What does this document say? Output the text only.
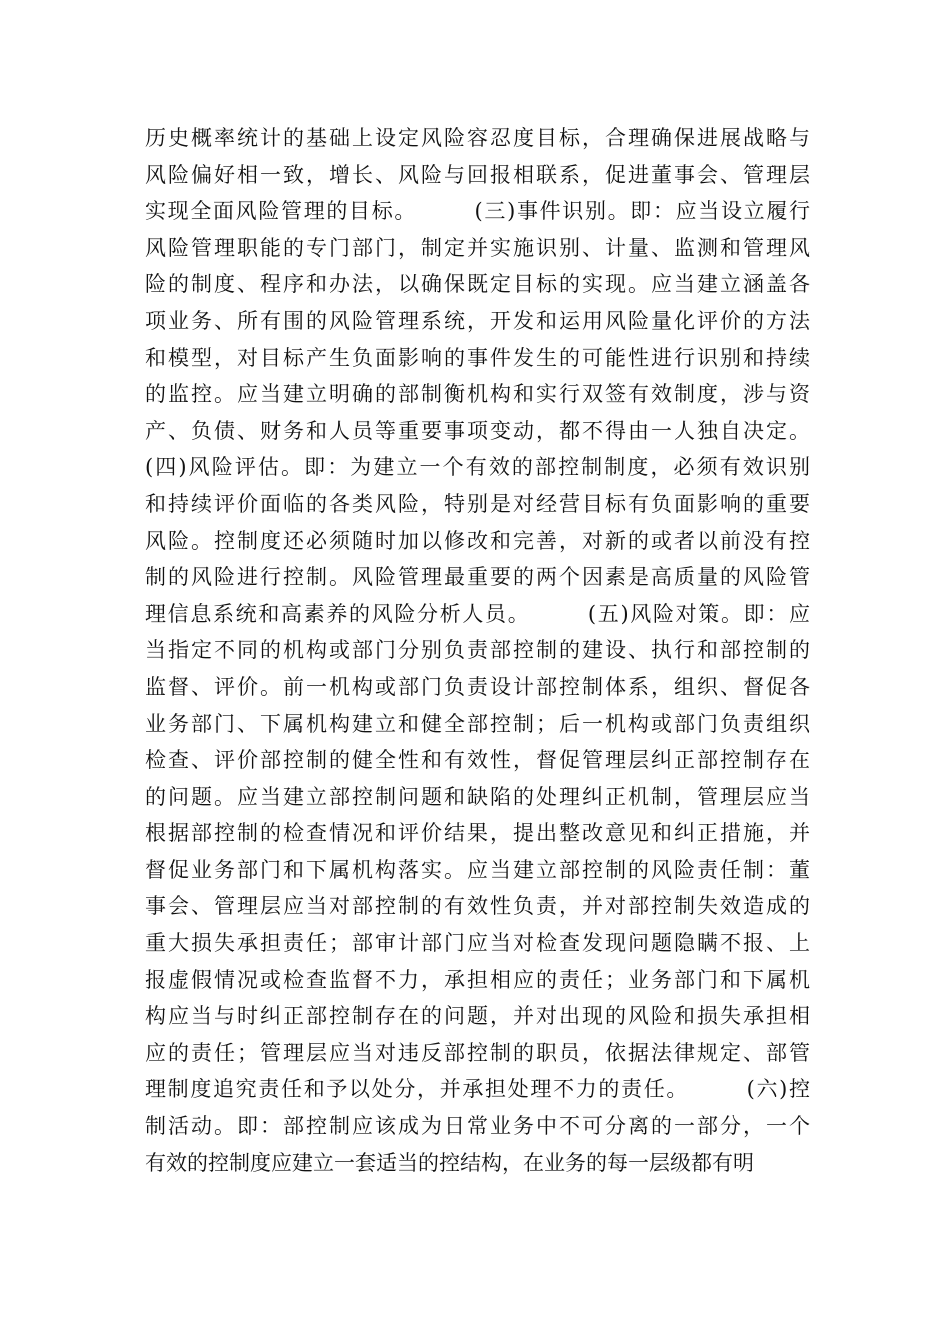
历史概率统计的基础上设定风险容忍度目标，合理确保进展战略与
风险偏好相一致，增长、风险与回报相联系，促进董事会、管理层
实现全面风险管理的目标。　　　(三)事件识别。即：应当设立履行
风险管理职能的专门部门，制定并实施识别、计量、监测和管理风
险的制度、程序和办法，以确保既定目标的实现。应当建立涵盖各
项业务、所有围的风险管理系统，开发和运用风险量化评价的方法
和模型，对目标产生负面影响的事件发生的可能性进行识别和持续
的监控。应当建立明确的部制衡机构和实行双签有效制度，涉与资
产、负债、财务和人员等重要事项变动，都不得由一人独自决定。
(四)风险评估。即：为建立一个有效的部控制制度，必须有效识别
和持续评价面临的各类风险，特别是对经营目标有负面影响的重要
风险。控制度还必须随时加以修改和完善，对新的或者以前没有控
制的风险进行控制。风险管理最重要的两个因素是高质量的风险管
理信息系统和高素养的风险分析人员。　　　(五)风险对策。即：应
当指定不同的机构或部门分别负责部控制的建设、执行和部控制的
监督、评价。前一机构或部门负责设计部控制体系，组织、督促各
业务部门、下属机构建立和健全部控制；后一机构或部门负责组织
检查、评价部控制的健全性和有效性，督促管理层纠正部控制存在
的问题。应当建立部控制问题和缺陷的处理纠正机制，管理层应当
根据部控制的检查情况和评价结果，提出整改意见和纠正措施，并
督促业务部门和下属机构落实。应当建立部控制的风险责任制：董
事会、管理层应当对部控制的有效性负责，并对部控制失效造成的
重大损失承担责任；部审计部门应当对检查发现问题隐瞒不报、上
报虚假情况或检查监督不力，承担相应的责任；业务部门和下属机
构应当与时纠正部控制存在的问题，并对出现的风险和损失承担相
应的责任；管理层应当对违反部控制的职员，依据法律规定、部管
理制度追究责任和予以处分，并承担处理不力的责任。　　　(六)控
制活动。即：部控制应该成为日常业务中不可分离的一部分，一个
有效的控制度应建立一套适当的控结构，在业务的每一层级都有明
